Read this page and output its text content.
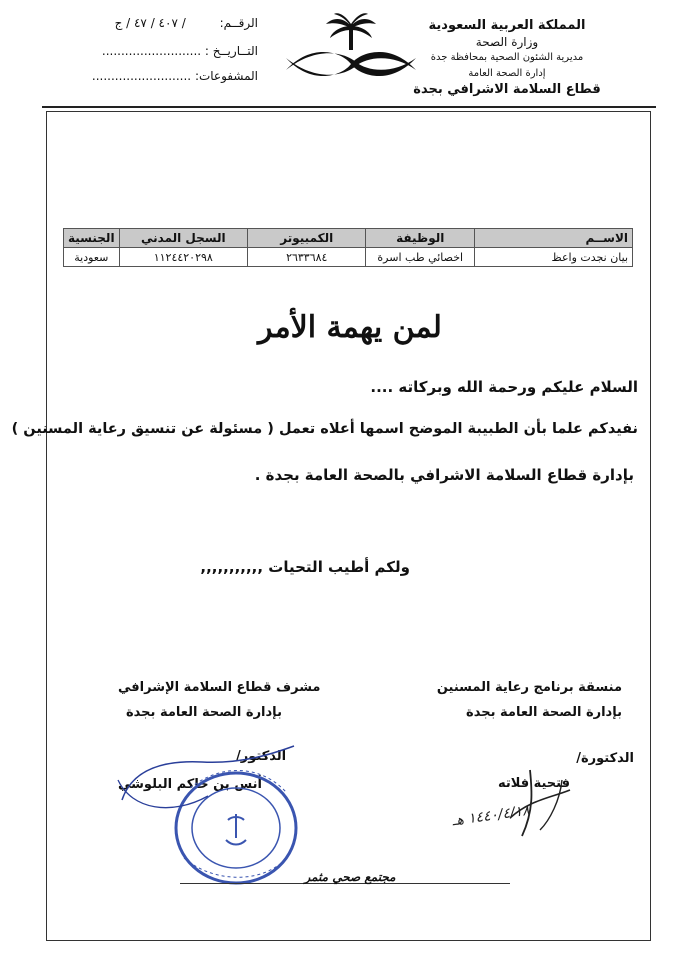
المملكة العربية السعودية
وزارة الصحة
مديرية الشئون الصحية بمحافظة جدة
إدارة الصحة العامة
قطاع السلامة الاشرافي بجدة
الرقــم: / ٤٠٧ / ٤٧ / ج
التــاريــخ : ..........................
المشفوعات: ..........................
الاســم	الوظيفة	الكمبيوتر	السجل المدني	الجنسية
بيان نجدت واعظ	اخصائي طب اسرة	٢٦٣٣٦٨٤	١١٢٤٤٢٠٢٩٨	سعودية
لمن يهمة الأمر
السلام عليكم ورحمة الله وبركاته ....
نفيدكم علما بأن الطبيبة الموضح اسمها أعلاه تعمل ( مسئولة عن تنسيق رعاية المسنين )
بإدارة قطاع السلامة الاشرافي بالصحة العامة بجدة .
ولكم أطيب التحيات ,,,,,,,,,,,
منسقة برنامج رعاية المسنين
بإدارة الصحة العامة بجدة
الدكتورة/
فتحية فلاته
١٤٤٠/٤/١٨ هـ
مشرف قطاع السلامة الإشرافي
بإدارة الصحة العامة بجدة
الدكتور/
أنس بن حاكم البلوشي
مجتمع صحي مثمر
